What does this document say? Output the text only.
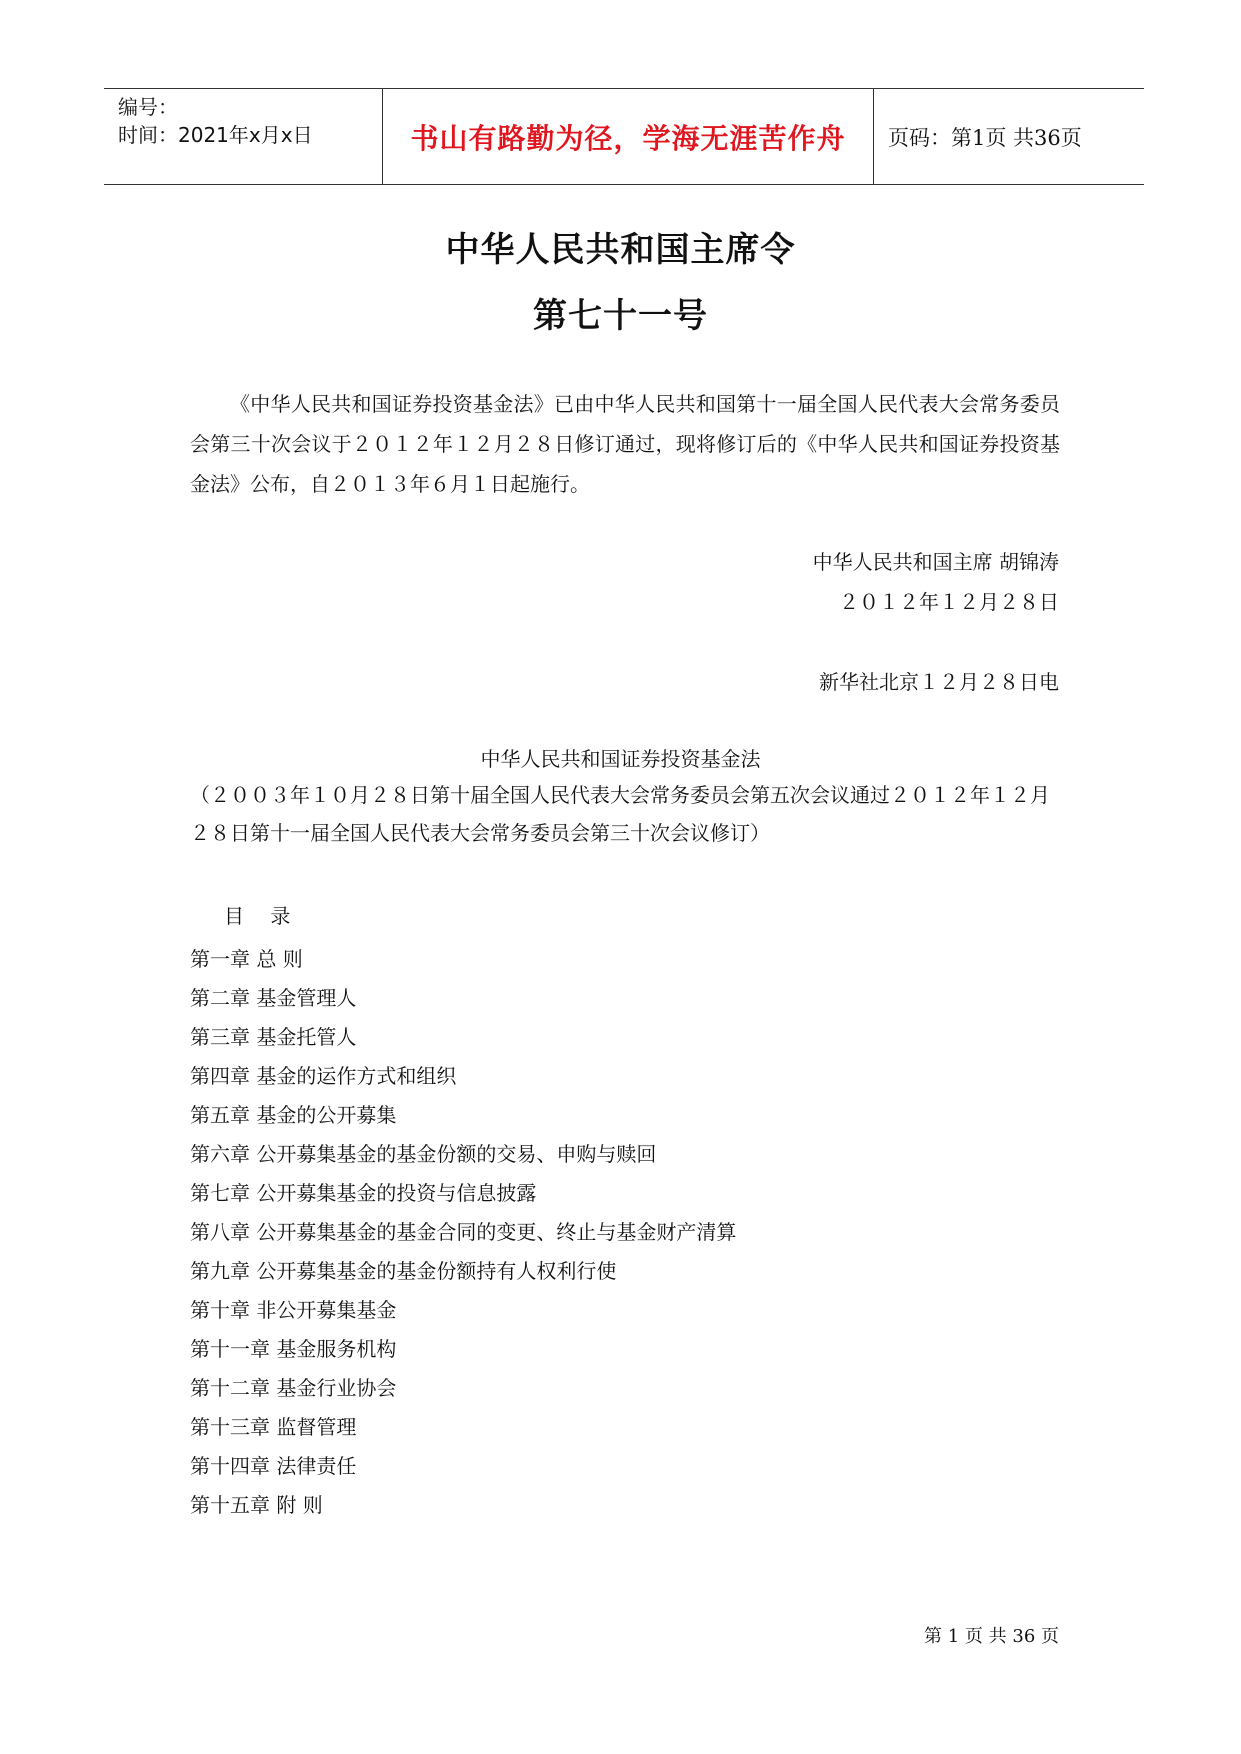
编号：
时间：2021年x月x日	书山有路勤为径，学海无涯苦作舟 页码：第1页 共36页
中华人民共和国主席令
第七十一号

《中华人民共和国证券投资基金法》已由中华人民共和国第十一届全国人民代表大会常务委员会第三十次会议于２０１２年１２月２８日修订通过，现将修订后的《中华人民共和国证券投资基金法》公布，自２０１３年６月１日起施行。

中华人民共和国主席 胡锦涛
２０１２年１２月２８日
新华社北京１２月２８日电
中华人民共和国证券投资基金法
（２００３年１０月２８日第十届全国人民代表大会常务委员会第五次会议通过２０１２年１２月２８日第十一届全国人民代表大会常务委员会第三十次会议修订）
目 录
第一章 总 则
第二章 基金管理人
第三章 基金托管人
第四章 基金的运作方式和组织
第五章 基金的公开募集
第六章 公开募集基金的基金份额的交易、申购与赎回
第七章 公开募集基金的投资与信息披露
第八章 公开募集基金的基金合同的变更、终止与基金财产清算
第九章 公开募集基金的基金份额持有人权利行使
第十章 非公开募集基金
第十一章 基金服务机构
第十二章 基金行业协会
第十三章 监督管理
第十四章 法律责任
第十五章 附 则
第 1 页 共 36 页
